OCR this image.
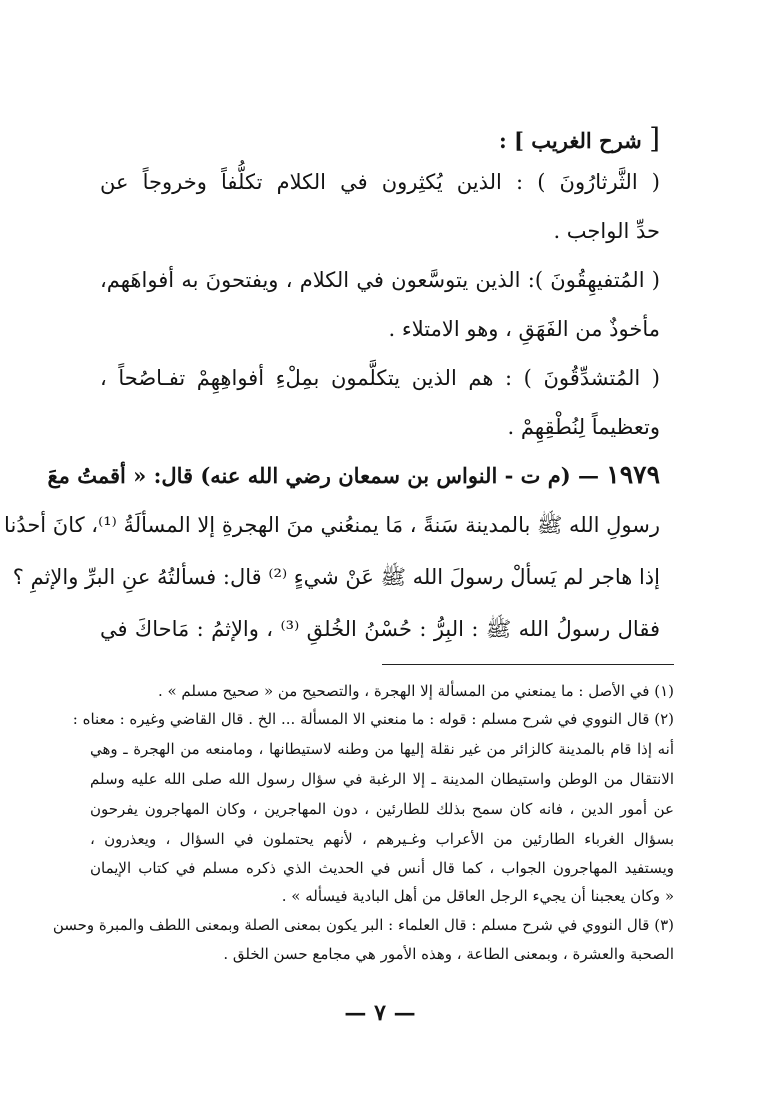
[ شرح الغريب ] :

( الثَّرثارُونَ ) : الذين يُكثِرون في الكلام تكلُّفاً وخروجاً عن

حدِّ الواجب .

( المُتفيهِقُونَ ): الذين يتوسَّعون في الكلام ، ويفتحونَ به أفواهَهم،

مأخوذٌ من الفَهَقِ ، وهو الامتلاء .

( المُتشدِّقُونَ ) : هم الذين يتكلَّمون بمِلْءِ أفواهِهِمْ تفـاصُحاً ،

وتعظيماً لِنُطْقِهِمْ .

١٩٧٩ — (م ت - النواس بن سمعان رضي الله عنه) قال: « أقمتُ معَ

رسولِ الله ﷺ بالمدينة سَنةً ، مَا يمنعُني منَ الهجرةِ إلا المسألَةُ ⁽¹⁾، كانَ أحدُنا

إذا هاجر لم يَسألْ رسولَ الله ﷺ عَنْ شيءٍ ⁽²⁾ قال: فسألتُهُ عنِ البرِّ والإثمِ ؟

فقال رسولُ الله ﷺ : البِرُّ : حُسْنُ الخُلقِ ⁽³⁾ ، والإثمُ : مَاحاكَ في

(١) في الأصل : ما يمنعني من المسألة إلا الهجرة ، والتصحيح من « صحيح مسلم » .

(٢) قال النووي في شرح مسلم : قوله : ما منعني الا المسألة ... الخ . قال القاضي وغيره : معناه :

أنه إذا قام بالمدينة كالزائر من غير نقلة إليها من وطنه لاستيطانها ، ومامنعه من الهجرة ـ وهي

الانتقال من الوطن واستيطان المدينة ـ إلا الرغبة في سؤال رسول الله صلى الله عليه وسلم

عن أمور الدين ، فانه كان سمح بذلك للطارئين ، دون المهاجرين ، وكان المهاجرون يفرحون

بسؤال الغرباء الطارئين من الأعراب وغـيرهم ، لأنهم يحتملون في السؤال ، ويعذرون ،

ويستفيد المهاجرون الجواب ، كما قال أنس في الحديث الذي ذكره مسلم في كتاب الإيمان

« وكان يعجبنا أن يجيء الرجل العاقل من أهل البادية فيسأله » .

(٣) قال النووي في شرح مسلم : قال العلماء : البر يكون بمعنى الصلة وبمعنى اللطف والمبرة وحسن

الصحبة والعشرة ، وبمعنى الطاعة ، وهذه الأمور هي مجامع حسن الخلق .

— ٧ —
